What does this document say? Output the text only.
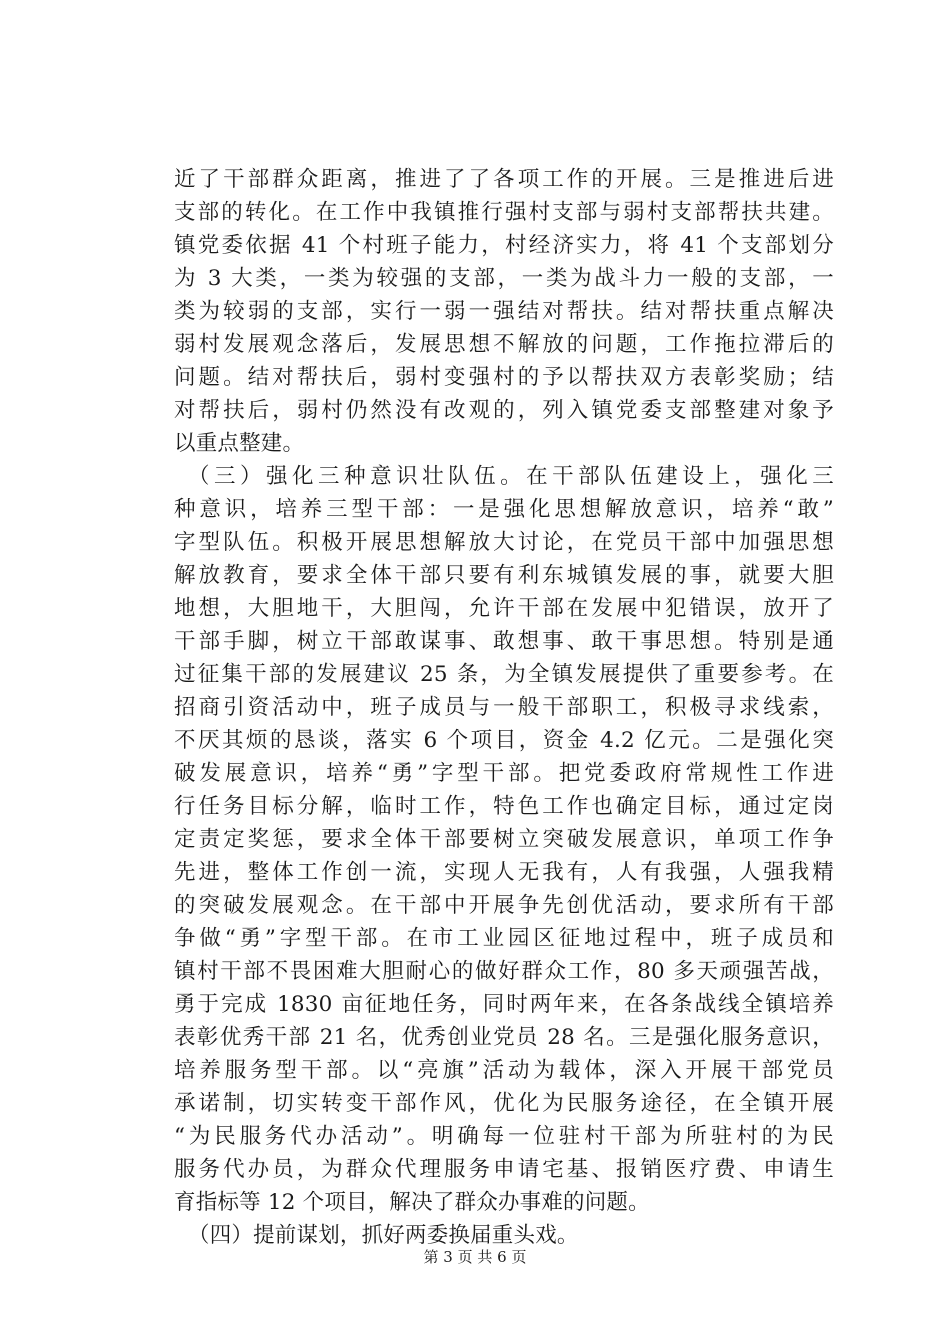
近了干部群众距离，推进了了各项工作的开展。三是推进后进
支部的转化。在工作中我镇推行强村支部与弱村支部帮扶共建。
镇党委依据 41 个村班子能力，村经济实力，将 41 个支部划分
为 3 大类，一类为较强的支部，一类为战斗力一般的支部，一
类为较弱的支部，实行一弱一强结对帮扶。结对帮扶重点解决
弱村发展观念落后，发展思想不解放的问题，工作拖拉滞后的
问题。结对帮扶后，弱村变强村的予以帮扶双方表彰奖励；结
对帮扶后，弱村仍然没有改观的，列入镇党委支部整建对象予
以重点整建。
（三）强化三种意识壮队伍。在干部队伍建设上，强化三
种意识，培养三型干部：一是强化思想解放意识，培养“敢”
字型队伍。积极开展思想解放大讨论，在党员干部中加强思想
解放教育，要求全体干部只要有利东城镇发展的事，就要大胆
地想，大胆地干，大胆闯，允许干部在发展中犯错误，放开了
干部手脚，树立干部敢谋事、敢想事、敢干事思想。特别是通
过征集干部的发展建议 25 条，为全镇发展提供了重要参考。在
招商引资活动中，班子成员与一般干部职工，积极寻求线索，
不厌其烦的恳谈，落实 6 个项目，资金 4.2 亿元。二是强化突
破发展意识，培养“勇”字型干部。把党委政府常规性工作进
行任务目标分解，临时工作，特色工作也确定目标，通过定岗
定责定奖惩，要求全体干部要树立突破发展意识，单项工作争
先进，整体工作创一流，实现人无我有，人有我强，人强我精
的突破发展观念。在干部中开展争先创优活动，要求所有干部
争做“勇”字型干部。在市工业园区征地过程中，班子成员和
镇村干部不畏困难大胆耐心的做好群众工作，80 多天顽强苦战，
勇于完成 1830 亩征地任务，同时两年来，在各条战线全镇培养
表彰优秀干部 21 名，优秀创业党员 28 名。三是强化服务意识，
培养服务型干部。以“亮旗”活动为载体，深入开展干部党员
承诺制，切实转变干部作风，优化为民服务途径，在全镇开展
“为民服务代办活动”。明确每一位驻村干部为所驻村的为民
服务代办员，为群众代理服务申请宅基、报销医疗费、申请生
育指标等 12 个项目，解决了群众办事难的问题。
（四）提前谋划，抓好两委换届重头戏。
第 3 页 共 6 页
